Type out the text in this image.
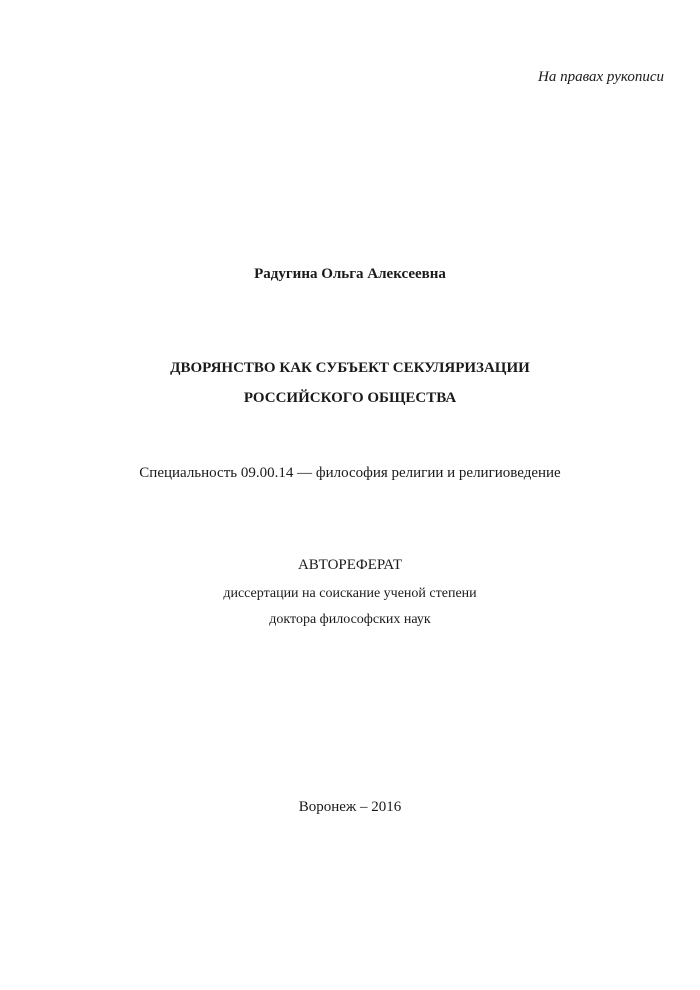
На правах рукописи
Радугина Ольга Алексеевна
ДВОРЯНСТВО КАК СУБЪЕКТ СЕКУЛЯРИЗАЦИИ
РОССИЙСКОГО ОБЩЕСТВА
Специальность 09.00.14 — философия религии и религиоведение
АВТОРЕФЕРАТ
диссертации на соискание ученой степени
доктора философских наук
Воронеж – 2016
